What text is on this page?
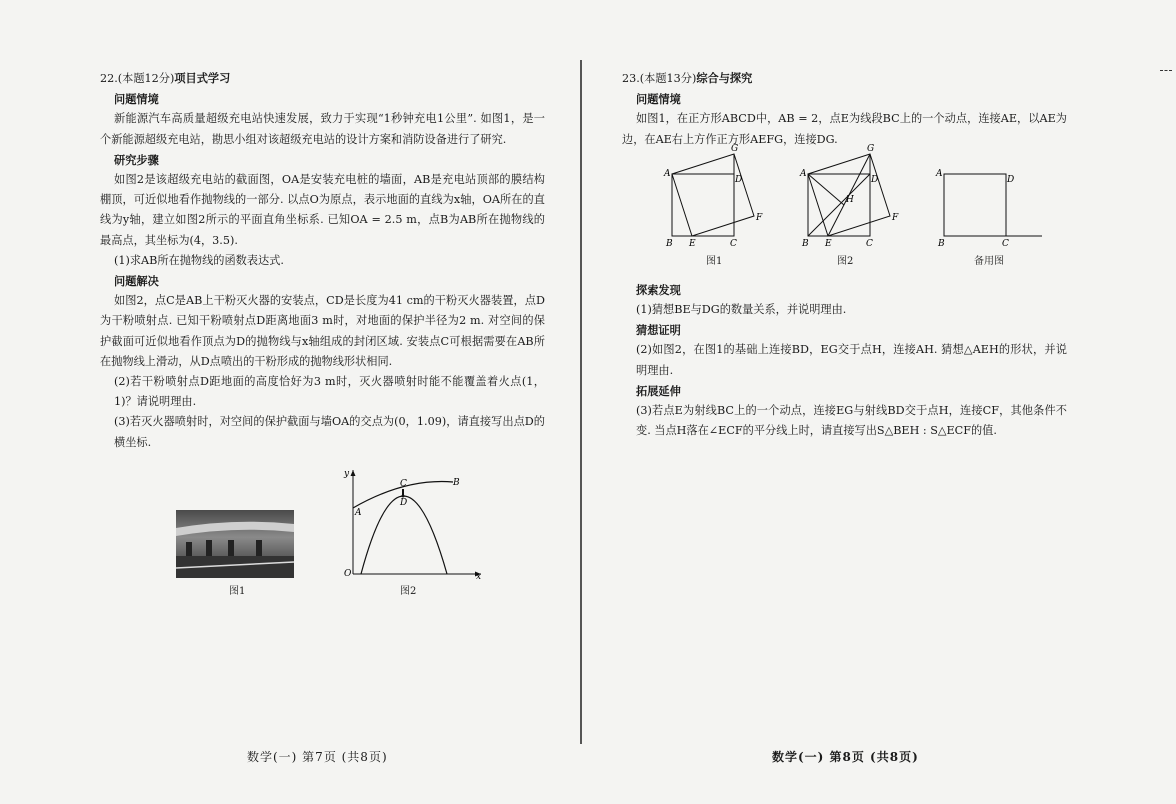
22.(本题12分)项目式学习
问题情境
新能源汽车高质量超级充电站快速发展，致力于实现“1秒钟充电1公里”. 如图1，是一个新能源超级充电站，勘思小组对该超级充电站的设计方案和消防设备进行了研究.
研究步骤
如图2是该超级充电站的截面图，OA是安装充电桩的墙面，AB是充电站顶部的膜结构棚顶，可近似地看作抛物线的一部分. 以点O为原点，表示地面的直线为x轴，OA所在的直线为y轴，建立如图2所示的平面直角坐标系. 已知OA = 2.5 m，点B为AB所在抛物线的最高点，其坐标为(4，3.5).
(1)求AB所在抛物线的函数表达式.
问题解决
如图2，点C是AB上干粉灭火器的安装点，CD是长度为41 cm的干粉灭火器装置，点D为干粉喷射点. 已知干粉喷射点D距离地面3 m时，对地面的保护半径为2 m. 对空间的保护截面可近似地看作顶点为D的抛物线与x轴组成的封闭区域. 安装点C可根据需要在AB所在抛物线上滑动，从D点喷出的干粉形成的抛物线形状相同.
(2)若干粉喷射点D距地面的高度恰好为3 m时，灭火器喷射时能不能覆盖着火点(1，1)？请说明理由.
(3)若灭火器喷射时，对空间的保护截面与墙OA的交点为(0，1.09)，请直接写出点D的横坐标.
图1
y
x
O
A
B
C
D
图2
数学(一) 第7页 (共8页)
23.(本题13分)综合与探究
问题情境
如图1，在正方形ABCD中，AB = 2，点E为线段BC上的一个动点，连接AE，以AE为边，在AE右上方作正方形AEFG，连接DG.
探索发现
(1)猜想BE与DG的数量关系，并说明理由.
猜想证明
(2)如图2，在图1的基础上连接BD，EG交于点H，连接AH. 猜想△AEH的形状，并说明理由.
拓展延伸
(3)若点E为射线BC上的一个动点，连接EG与射线BD交于点H，连接CF，其他条件不变. 当点H落在∠ECF的平分线上时，请直接写出S△BEH : S△ECF的值.
A
B E	C
D
F
G
A
B E	C
D
F
G
H
A
B	C
D
图1	图2	备用图
数学(一) 第8页 (共8页)
